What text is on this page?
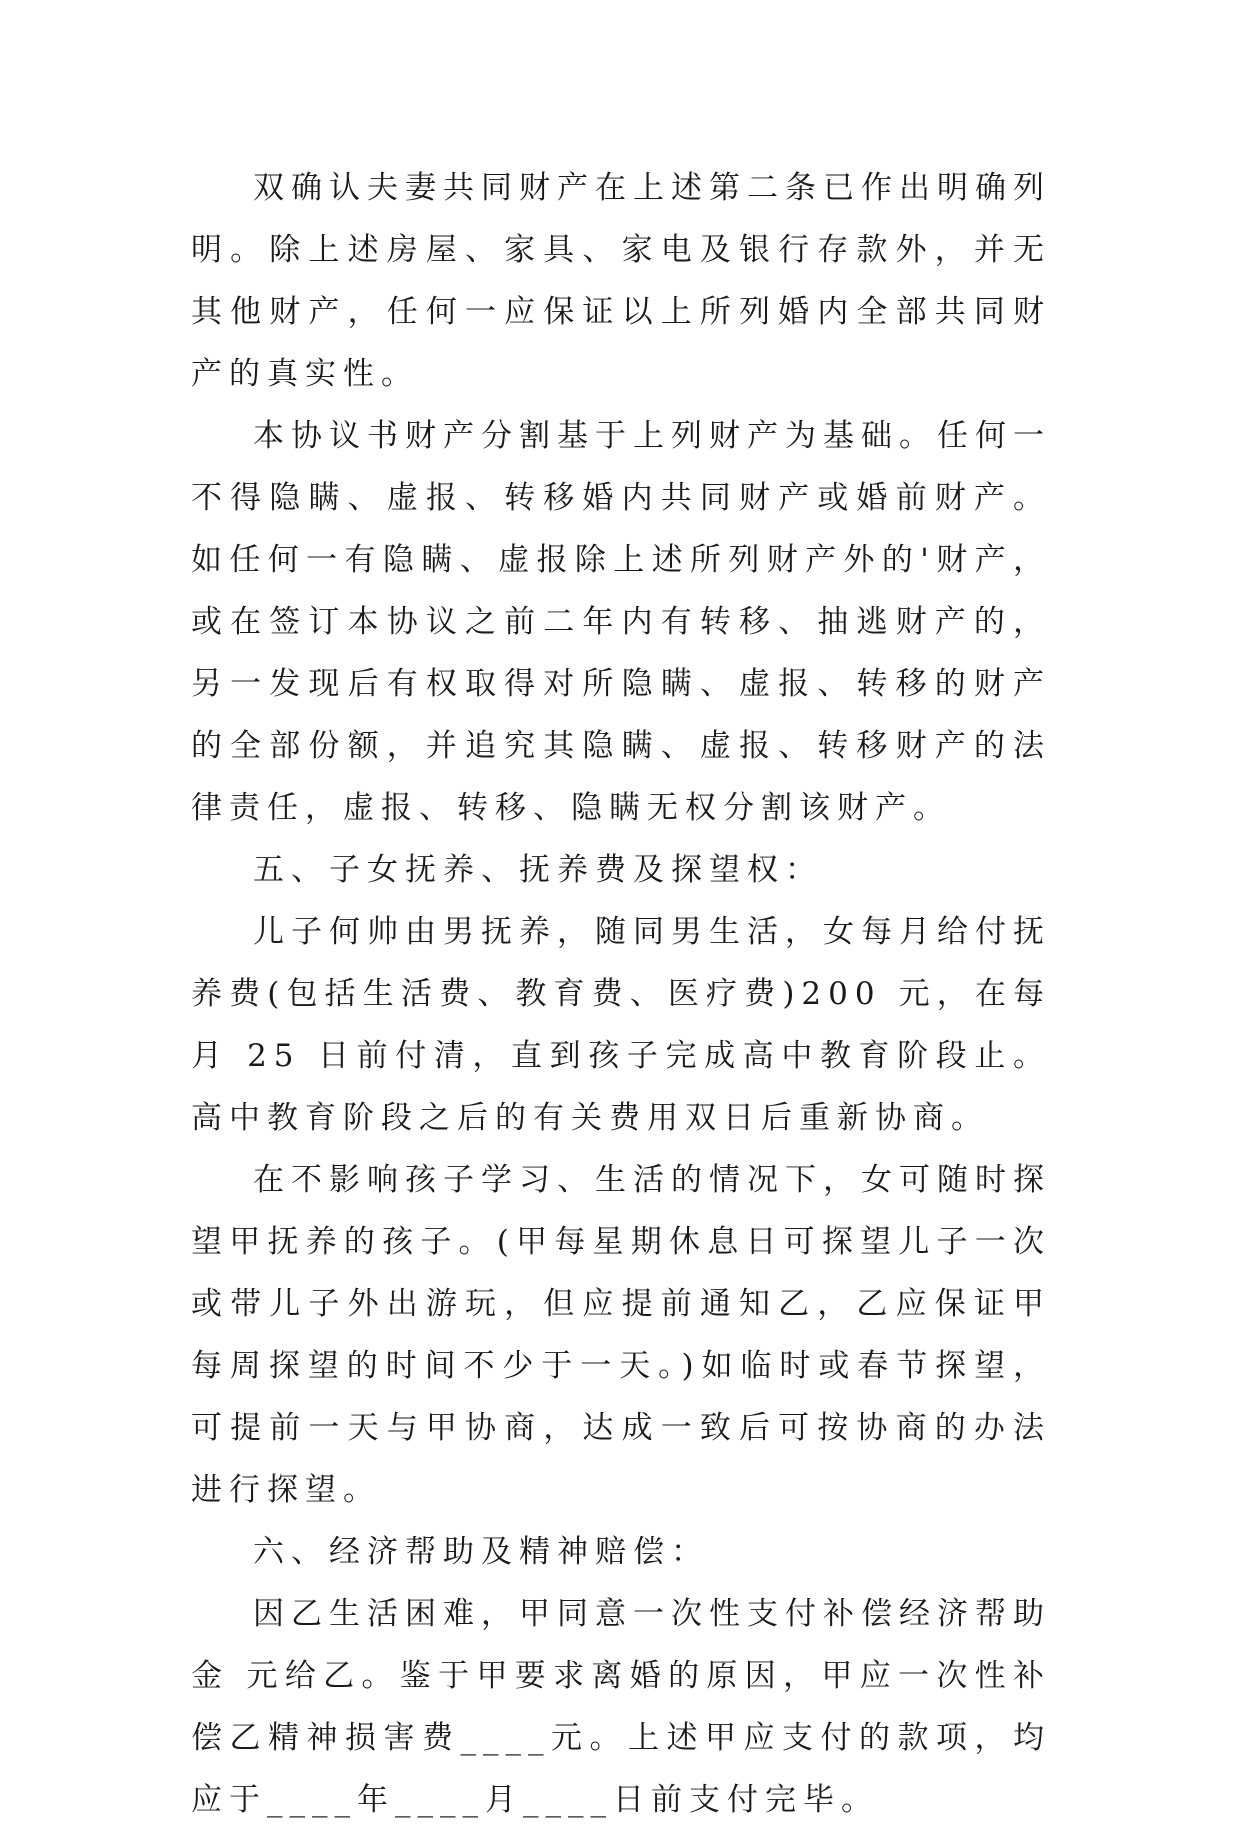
双确认夫妻共同财产在上述第二条已作出明确列明。除上述房屋、家具、家电及银行存款外，并无其他财产，任何一应保证以上所列婚内全部共同财产的真实性。

本协议书财产分割基于上列财产为基础。任何一不得隐瞒、虚报、转移婚内共同财产或婚前财产。如任何一有隐瞒、虚报除上述所列财产外的'财产，或在签订本协议之前二年内有转移、抽逃财产的，另一发现后有权取得对所隐瞒、虚报、转移的财产的全部份额，并追究其隐瞒、虚报、转移财产的法律责任，虚报、转移、隐瞒无权分割该财产。

五、子女抚养、抚养费及探望权：

儿子何帅由男抚养，随同男生活，女每月给付抚养费(包括生活费、教育费、医疗费)200 元，在每月 25 日前付清，直到孩子完成高中教育阶段止。高中教育阶段之后的有关费用双日后重新协商。

在不影响孩子学习、生活的情况下，女可随时探望甲抚养的孩子。(甲每星期休息日可探望儿子一次或带儿子外出游玩，但应提前通知乙，乙应保证甲每周探望的时间不少于一天。)如临时或春节探望，可提前一天与甲协商，达成一致后可按协商的办法进行探望。

六、经济帮助及精神赔偿：

因乙生活困难，甲同意一次性支付补偿经济帮助金 元给乙。鉴于甲要求离婚的原因，甲应一次性补偿乙精神损害费____元。上述甲应支付的款项，均应于____年____月____日前支付完毕。
